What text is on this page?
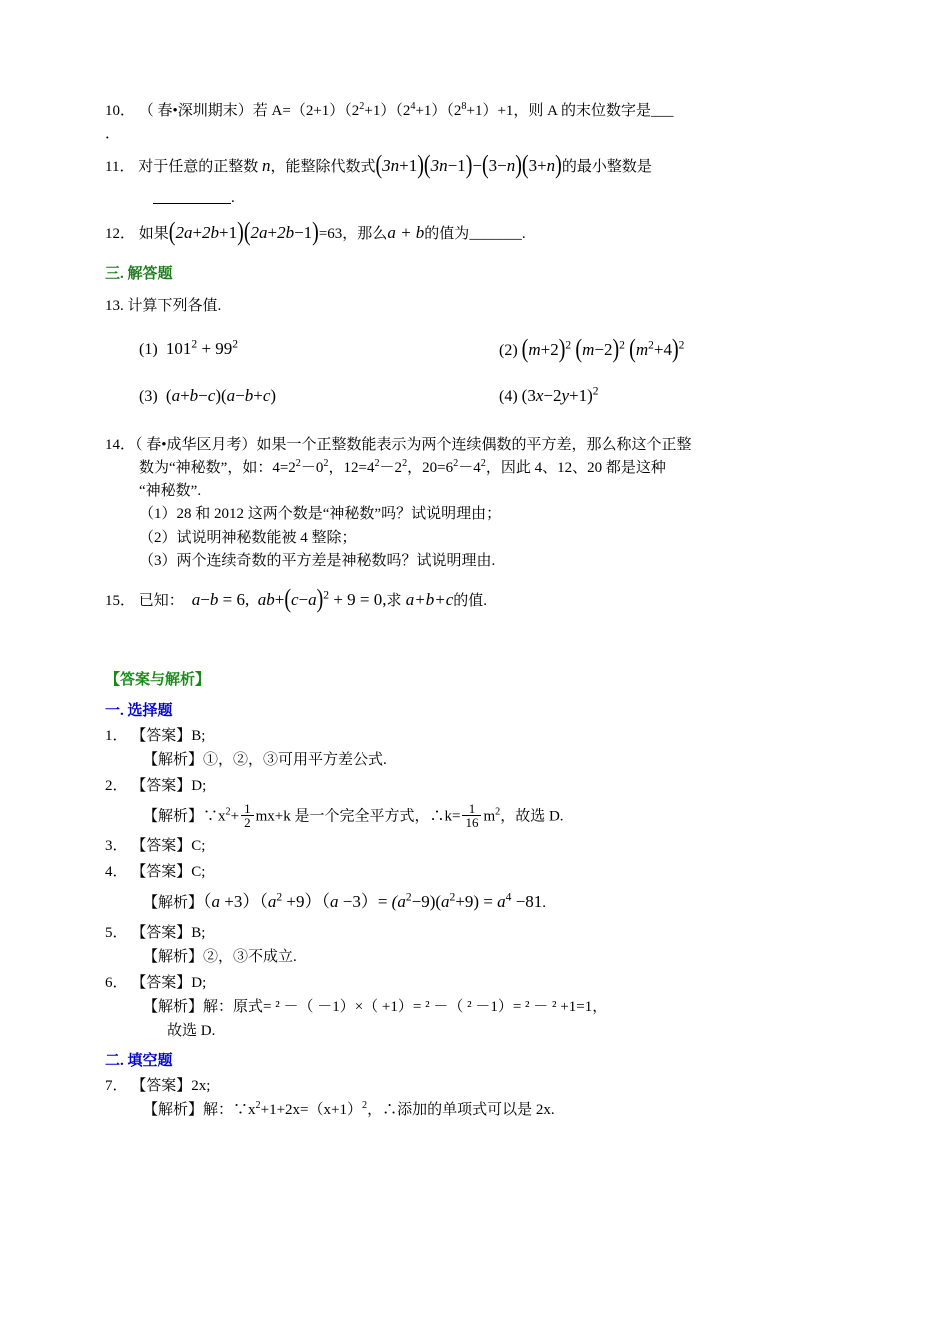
10． （ 春•深圳期末）若 $A=(2+1)(2^2+1)(2^4+1)(2^8+1)+1$，则 A 的末位数字是___
．
11． 对于任意的正整数 n，能整除代数式(3n+1)(3n−1)−(3−n)(3+n)的最小整数是
.
12． 如果(2a+2b+1)(2a+2b−1)=63，那么a + b的值为_______.
三. 解答题
13. 计算下列各值.
(1)  $101^2 + 99^2$	(2) $(m+2)^2$ $(m-2)^2$ $(m^2+4)^2$
(3)  (a+b−c)(a−b+c)	(4) $(3x-2y+1)^2$
14．（ 春•成华区月考）如果一个正整数能表示为两个连续偶数的平方差，那么称这个正整
数为“神秘数”，如：$4=2^2-0^2$，$12=4^2-2^2$，$20=6^2-4^2$，因此 4、12、20 都是这种
“神秘数”.
（1）28 和 2012 这两个数是“神秘数”吗？试说明理由；
（2）试说明神秘数能被 4 整除；
（3）两个连续奇数的平方差是神秘数吗？试说明理由.
15． 已知： a−b = 6,  $ab+(c-a)^2 + 9 = 0$,求 a+b+c的值.
【答案与解析】
一. 选择题
1． 【答案】B;
【解析】①，②，③可用平方差公式.
2． 【答案】D;
【解析】$\because x^2+ \frac{1}{2} mx+k$ 是一个完全平方式，∴k= $\frac{1}{16} m^2$，故选 D.
3． 【答案】C;
4． 【答案】C;
【解析】$(a +3)(a^2 +9)(a -3)= (a^2-9)(a^2+9) = a^4 -81$.
5． 【答案】B;
【解析】②，③不成立.
6． 【答案】D;
【解析】解：原式= ² －（ －1）×（ +1）= ² －（ ² －1）= ² － ² +1=1，
故选 D.
二. 填空题
7． 【答案】2x;
【解析】解：$\because x^2+1+2x=(x+1)^2$，∴添加的单项式可以是 2x.
